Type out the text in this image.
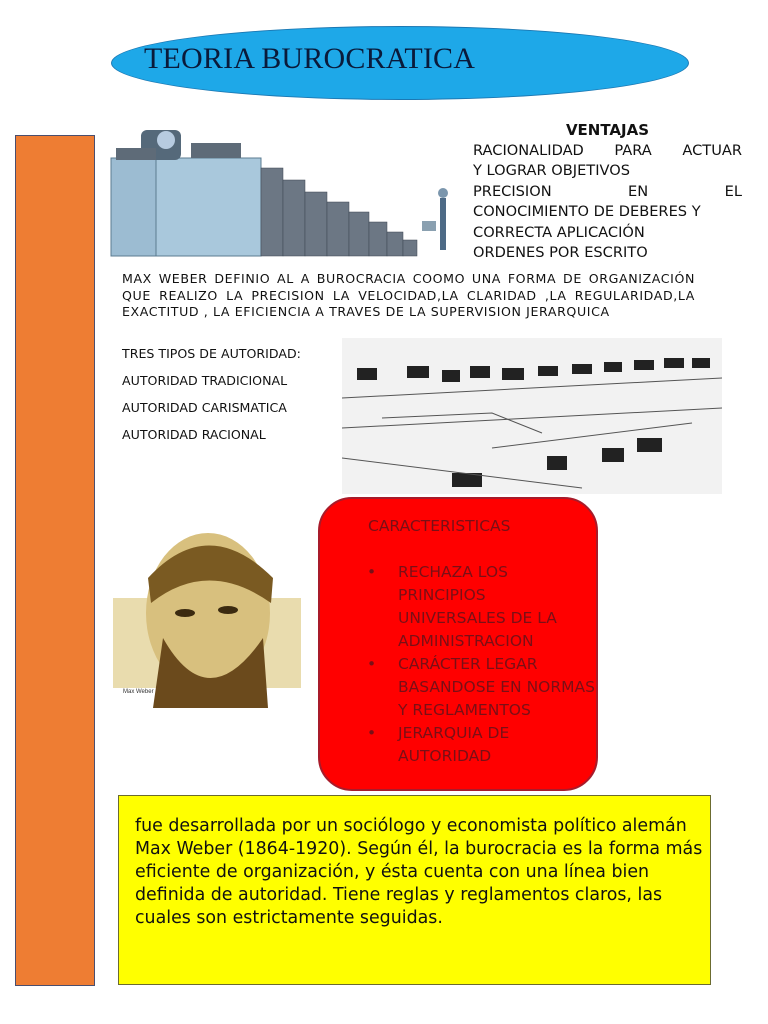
TEORIA BUROCRATICA
VENTAJAS
RACIONALIDAD PARA ACTUAR
Y LOGRAR OBJETIVOS
PRECISION EN EL
CONOCIMIENTO DE DEBERES Y
CORRECTA APLICACIÓN
ORDENES POR ESCRITO
MAX WEBER DEFINIO AL A BUROCRACIA COOMO UNA FORMA DE ORGANIZACIÓN QUE REALIZO LA PRECISION LA VELOCIDAD,LA CLARIDAD ,LA REGULARIDAD,LA EXACTITUD , LA EFICIENCIA A TRAVES DE LA SUPERVISION JERARQUICA
TRES TIPOS DE AUTORIDAD:
AUTORIDAD TRADICIONAL
AUTORIDAD CARISMATICA
AUTORIDAD RACIONAL
Max Weber
CARACTERISTICAS
• RECHAZA LOS PRINCIPIOS UNIVERSALES DE LA ADMINISTRACION
• CARÁCTER LEGAR BASANDOSE EN NORMAS Y REGLAMENTOS
• JERARQUIA DE AUTORIDAD

fue desarrollada por un sociólogo y economista político alemán Max Weber (1864-1920). Según él, la burocracia es la forma más eficiente de organización, y ésta cuenta con una línea bien definida de autoridad. Tiene reglas y reglamentos claros, las cuales son estrictamente seguidas.
